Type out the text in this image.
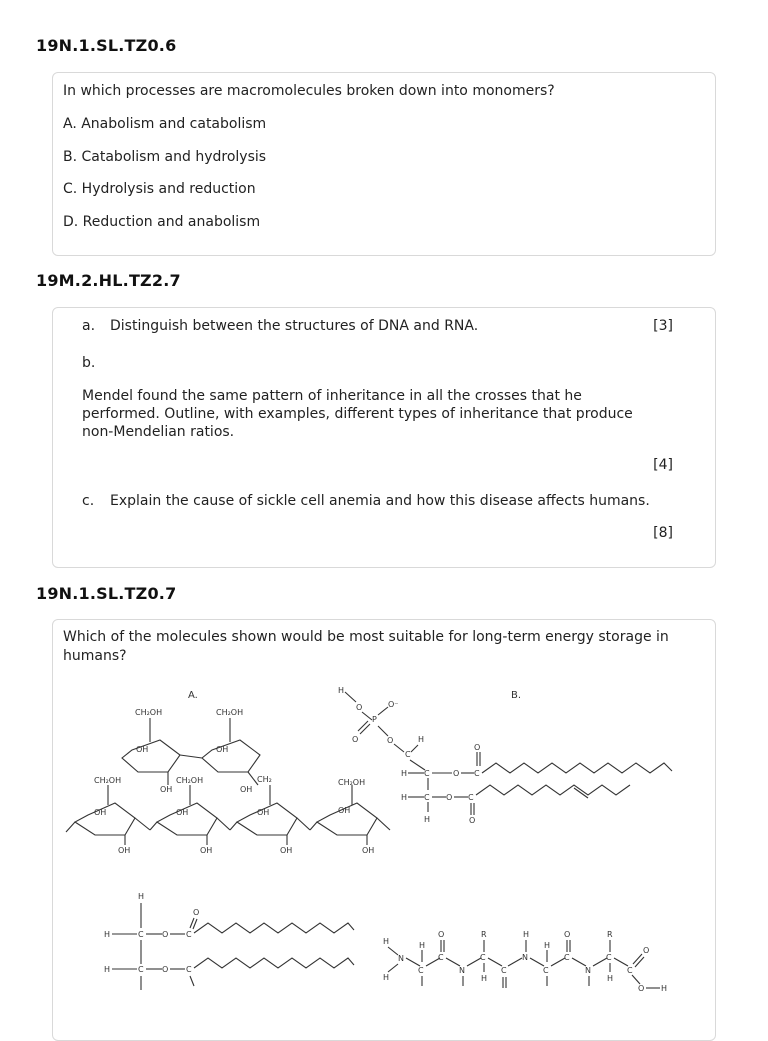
19N.1.SL.TZ0.6
In which processes are macromolecules broken down into monomers?
A. Anabolism and catabolism
B. Catabolism and hydrolysis
C. Hydrolysis and reduction
D. Reduction and anabolism
19M.2.HL.TZ2.7
a. Distinguish between the structures of DNA and RNA.	[3]
b.
Mendel found the same pattern of inheritance in all the crosses that he
performed. Outline, with examples, different types of inheritance that produce
non-Mendelian ratios.
[4]
c. Explain the cause of sickle cell anemia and how this disease affects humans.
[8]
19N.1.SL.TZ0.7
Which of the molecules shown would be most suitable for long-term energy storage in
humans?
A.	B.
CH₂OH	CH₂OH
OH	OH
OH	OH
CH₂
CH₂OH	CH₂OH	CH₂OH
OH	OH	OH	OH
OH	OH	OH	OH
H
O
P
O⁻
O	O
C
H
H C	O C
O
H C O C
O
H
H
H	C O C
O
H	C O C
H
N
H
C
H
C
O
N
C
R
H
C
N
H
C
H
C
O
N
C
R
H
C
O
O H
